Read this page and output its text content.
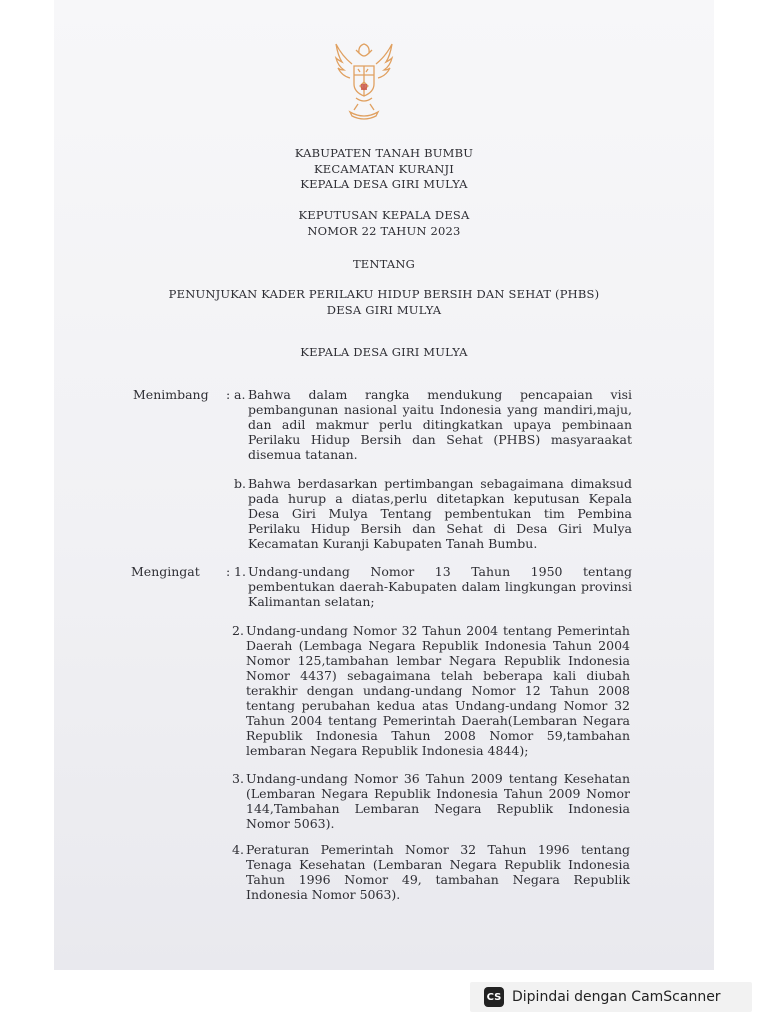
KABUPATEN TANAH BUMBU
KECAMATAN KURANJI
KEPALA DESA GIRI MULYA
KEPUTUSAN KEPALA DESA
NOMOR 22 TAHUN 2023
TENTANG
PENUNJUKAN KADER PERILAKU HIDUP BERSIH DAN SEHAT (PHBS)
DESA GIRI MULYA
KEPALA DESA GIRI MULYA
Menimbang : a. Bahwa dalam rangka mendukung pencapaian visi pembangunan nasional yaitu Indonesia yang mandiri,maju, dan adil makmur perlu ditingkatkan upaya pembinaan Perilaku Hidup Bersih dan Sehat (PHBS) masyaraakat disemua tatanan.
b. Bahwa berdasarkan pertimbangan sebagaimana dimaksud pada hurup a diatas,perlu ditetapkan keputusan Kepala Desa Giri Mulya Tentang pembentukan tim Pembina Perilaku Hidup Bersih dan Sehat di Desa Giri Mulya Kecamatan Kuranji Kabupaten Tanah Bumbu.
Mengingat : 1. Undang-undang Nomor 13 Tahun 1950 tentang pembentukan daerah-Kabupaten dalam lingkungan provinsi Kalimantan selatan;
2. Undang-undang Nomor 32 Tahun 2004 tentang Pemerintah Daerah (Lembaga Negara Republik Indonesia Tahun 2004 Nomor 125,tambahan lembar Negara Republik Indonesia Nomor 4437) sebagaimana telah beberapa kali diubah terakhir dengan undang-undang Nomor 12 Tahun 2008 tentang perubahan kedua atas Undang-undang Nomor 32 Tahun 2004 tentang Pemerintah Daerah(Lembaran Negara Republik Indonesia Tahun 2008 Nomor 59,tambahan lembaran Negara Republik Indonesia 4844);
3. Undang-undang Nomor 36 Tahun 2009 tentang Kesehatan (Lembaran Negara Republik Indonesia Tahun 2009 Nomor 144,Tambahan Lembaran Negara Republik Indonesia Nomor 5063).
4. Peraturan Pemerintah Nomor 32 Tahun 1996 tentang Tenaga Kesehatan (Lembaran Negara Republik Indonesia Tahun 1996 Nomor 49, tambahan Negara Republik Indonesia Nomor 5063).
CS Dipindai dengan CamScanner
